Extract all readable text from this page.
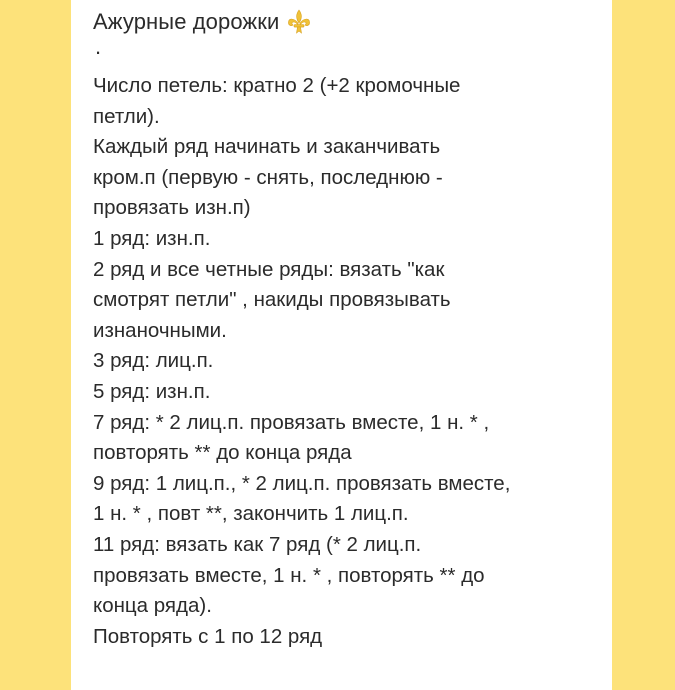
Ажурные дорожки
.
Число петель: кратно 2 (+2 кромочные
петли).
Каждый ряд начинать и заканчивать
кром.п (первую - снять, последнюю -
провязать изн.п)
1 ряд: изн.п.
2 ряд и все четные ряды: вязать "как
смотрят петли" , накиды провязывать
изнаночными.
3 ряд: лиц.п.
5 ряд: изн.п.
7 ряд: * 2 лиц.п. провязать вместе, 1 н. * ,
повторять ** до конца ряда
9 ряд: 1 лиц.п., * 2 лиц.п. провязать вместе,
1 н. * , повт **, закончить 1 лиц.п.
11 ряд: вязать как 7 ряд (* 2 лиц.п.
провязать вместе, 1 н. * , повторять ** до
конца ряда).
Повторять с 1 по 12 ряд
